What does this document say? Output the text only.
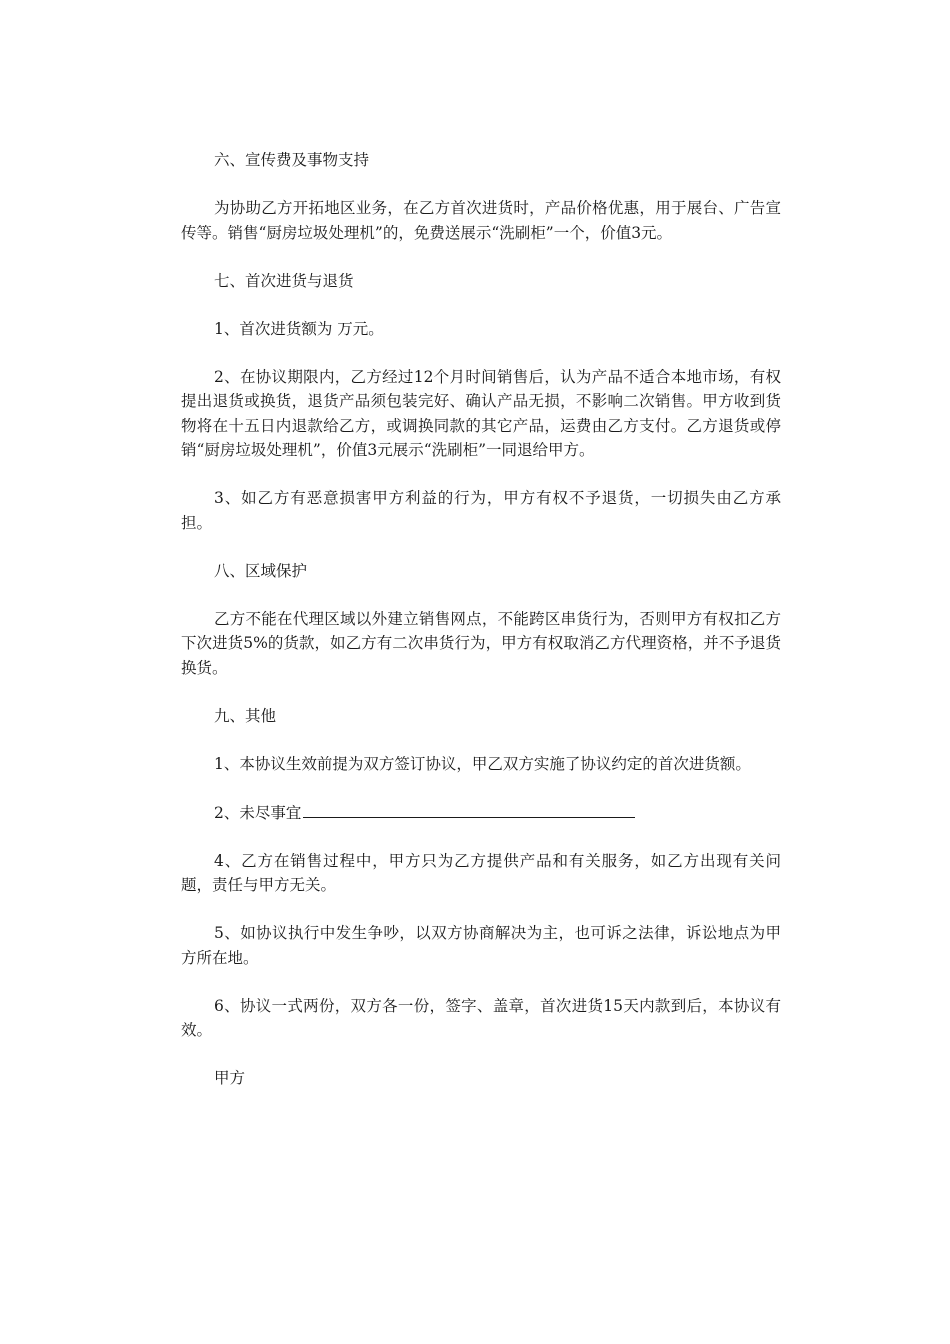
六、宣传费及事物支持

为协助乙方开拓地区业务，在乙方首次进货时，产品价格优惠，用于展台、广告宣传等。销售“厨房垃圾处理机”的，免费送展示“洗刷柜”一个，价值3元。

七、首次进货与退货

1、首次进货额为 万元。

2、在协议期限内，乙方经过12个月时间销售后，认为产品不适合本地市场，有权提出退货或换货，退货产品须包装完好、确认产品无损，不影响二次销售。甲方收到货物将在十五日内退款给乙方，或调换同款的其它产品，运费由乙方支付。乙方退货或停销“厨房垃圾处理机”，价值3元展示“洗刷柜”一同退给甲方。

3、如乙方有恶意损害甲方利益的行为，甲方有权不予退货，一切损失由乙方承担。

八、区域保护

乙方不能在代理区域以外建立销售网点，不能跨区串货行为，否则甲方有权扣乙方下次进货5%的货款，如乙方有二次串货行为，甲方有权取消乙方代理资格，并不予退货换货。

九、其他

1、本协议生效前提为双方签订协议，甲乙双方实施了协议约定的首次进货额。

2、未尽事宜

4、乙方在销售过程中，甲方只为乙方提供产品和有关服务，如乙方出现有关问题，责任与甲方无关。

5、如协议执行中发生争吵，以双方协商解决为主，也可诉之法律，诉讼地点为甲方所在地。

6、协议一式两份，双方各一份，签字、盖章，首次进货15天内款到后，本协议有效。

甲方
